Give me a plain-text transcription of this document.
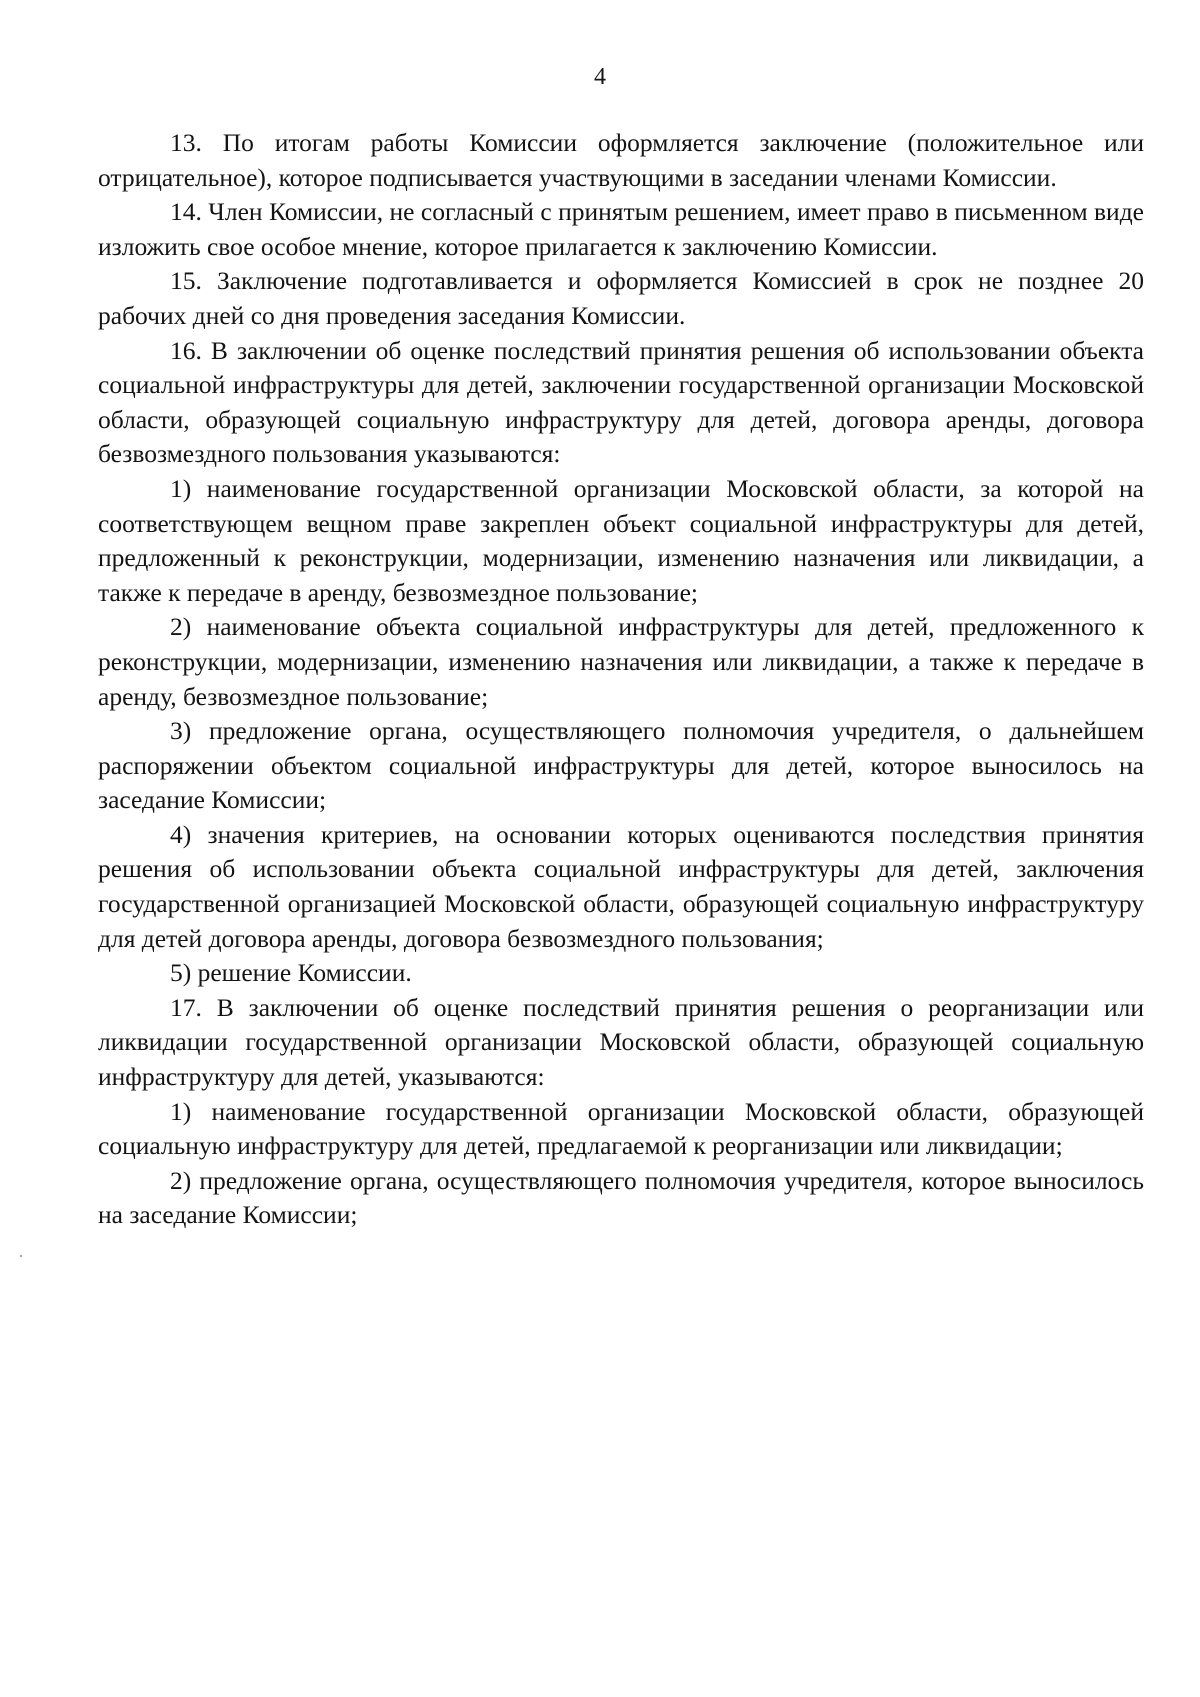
4

13. По итогам работы Комиссии оформляется заключение (положительное или отрицательное), которое подписывается участвующими в заседании членами Комиссии.

14. Член Комиссии, не согласный с принятым решением, имеет право в письменном виде изложить свое особое мнение, которое прилагается к заключению Комиссии.

15. Заключение подготавливается и оформляется Комиссией в срок не позднее 20 рабочих дней со дня проведения заседания Комиссии.

16. В заключении об оценке последствий принятия решения об использовании объекта социальной инфраструктуры для детей, заключении государственной организации Московской области, образующей социальную инфраструктуру для детей, договора аренды, договора безвозмездного пользования указываются:

1) наименование государственной организации Московской области, за которой на соответствующем вещном праве закреплен объект социальной инфраструктуры для детей, предложенный к реконструкции, модернизации, изменению назначения или ликвидации, а также к передаче в аренду, безвозмездное пользование;

2) наименование объекта социальной инфраструктуры для детей, предложенного к реконструкции, модернизации, изменению назначения или ликвидации, а также к передаче в аренду, безвозмездное пользование;

3) предложение органа, осуществляющего полномочия учредителя, о дальнейшем распоряжении объектом социальной инфраструктуры для детей, которое выносилось на заседание Комиссии;

4) значения критериев, на основании которых оцениваются последствия принятия решения об использовании объекта социальной инфраструктуры для детей, заключения государственной организацией Московской области, образующей социальную инфраструктуру для детей договора аренды, договора безвозмездного пользования;

5) решение Комиссии.

17. В заключении об оценке последствий принятия решения о реорганизации или ликвидации государственной организации Московской области, образующей социальную инфраструктуру для детей, указываются:

1) наименование государственной организации Московской области, образующей социальную инфраструктуру для детей, предлагаемой к реорганизации или ликвидации;

2) предложение органа, осуществляющего полномочия учредителя, которое выносилось на заседание Комиссии;
